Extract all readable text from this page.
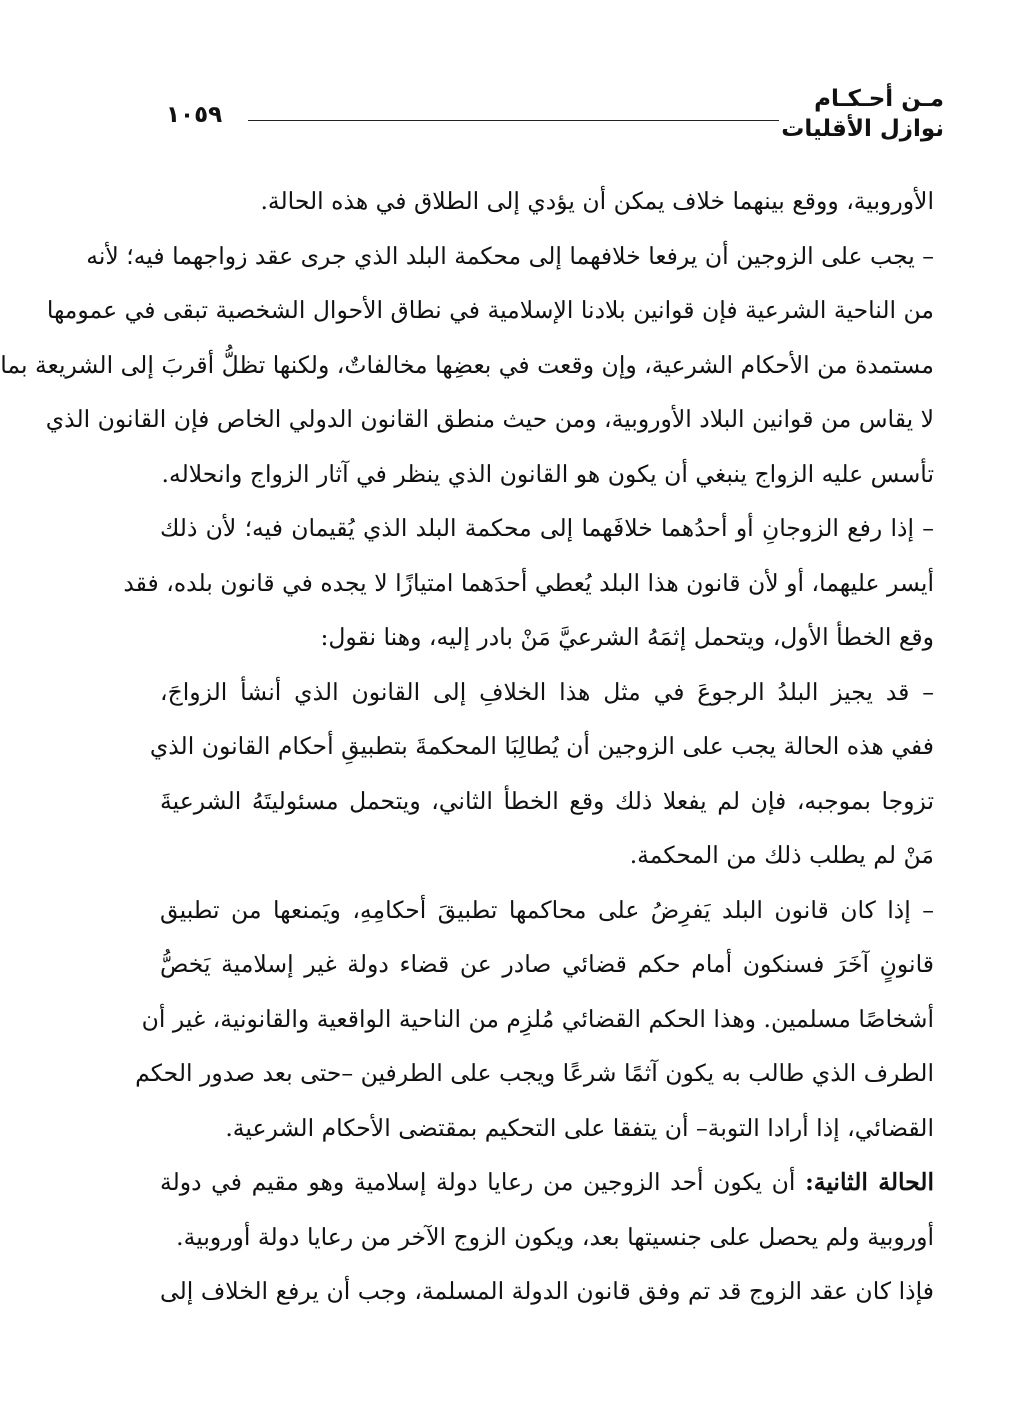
مـن أحـكـام
نوازل الأقليات
١٠٥٩
الأوروبية، ووقع بينهما خلاف يمكن أن يؤدي إلى الطلاق في هذه الحالة.
– يجب على الزوجين أن يرفعا خلافهما إلى محكمة البلد الذي جرى عقد زواجهما فيه؛ لأنه
من الناحية الشرعية فإن قوانين بلادنا الإسلامية في نطاق الأحوال الشخصية تبقى في عمومها
مستمدة من الأحكام الشرعية، وإن وقعت في بعضِها مخالفاتٌ، ولكنها تظلُّ أقربَ إلى الشريعة بما
لا يقاس من قوانين البلاد الأوروبية، ومن حيث منطق القانون الدولي الخاص فإن القانون الذي
تأسس عليه الزواج ينبغي أن يكون هو القانون الذي ينظر في آثار الزواج وانحلاله.
– إذا رفع الزوجانِ أو أحدُهما خلافَهما إلى محكمة البلد الذي يُقيمان فيه؛ لأن ذلك
أيسر عليهما، أو لأن قانون هذا البلد يُعطي أحدَهما امتيازًا لا يجده في قانون بلده، فقد
وقع الخطأ الأول، ويتحمل إثمَهُ الشرعيَّ مَنْ بادر إليه، وهنا نقول:
– قد يجيز البلدُ الرجوعَ في مثل هذا الخلافِ إلى القانون الذي أنشأ الزواجَ،
ففي هذه الحالة يجب على الزوجين أن يُطالِبَا المحكمةَ بتطبيقِ أحكام القانون الذي
تزوجا بموجبه، فإن لم يفعلا ذلك وقع الخطأ الثاني، ويتحمل مسئوليتَهُ الشرعيةَ
مَنْ لم يطلب ذلك من المحكمة.
– إذا كان قانون البلد يَفرِضُ على محاكمها تطبيقَ أحكامِهِ، ويَمنعها من تطبيق
قانونٍ آخَرَ فسنكون أمام حكم قضائي صادر عن قضاء دولة غير إسلامية يَخصُّ
أشخاصًا مسلمين. وهذا الحكم القضائي مُلزِم من الناحية الواقعية والقانونية، غير أن
الطرف الذي طالب به يكون آثمًا شرعًا ويجب على الطرفين –حتى بعد صدور الحكم
القضائي، إذا أرادا التوبة– أن يتفقا على التحكيم بمقتضى الأحكام الشرعية.
الحالة الثانية: أن يكون أحد الزوجين من رعايا دولة إسلامية وهو مقيم في دولة
أوروبية ولم يحصل على جنسيتها بعد، ويكون الزوج الآخر من رعايا دولة أوروبية.
فإذا كان عقد الزوج قد تم وفق قانون الدولة المسلمة، وجب أن يرفع الخلاف إلى
